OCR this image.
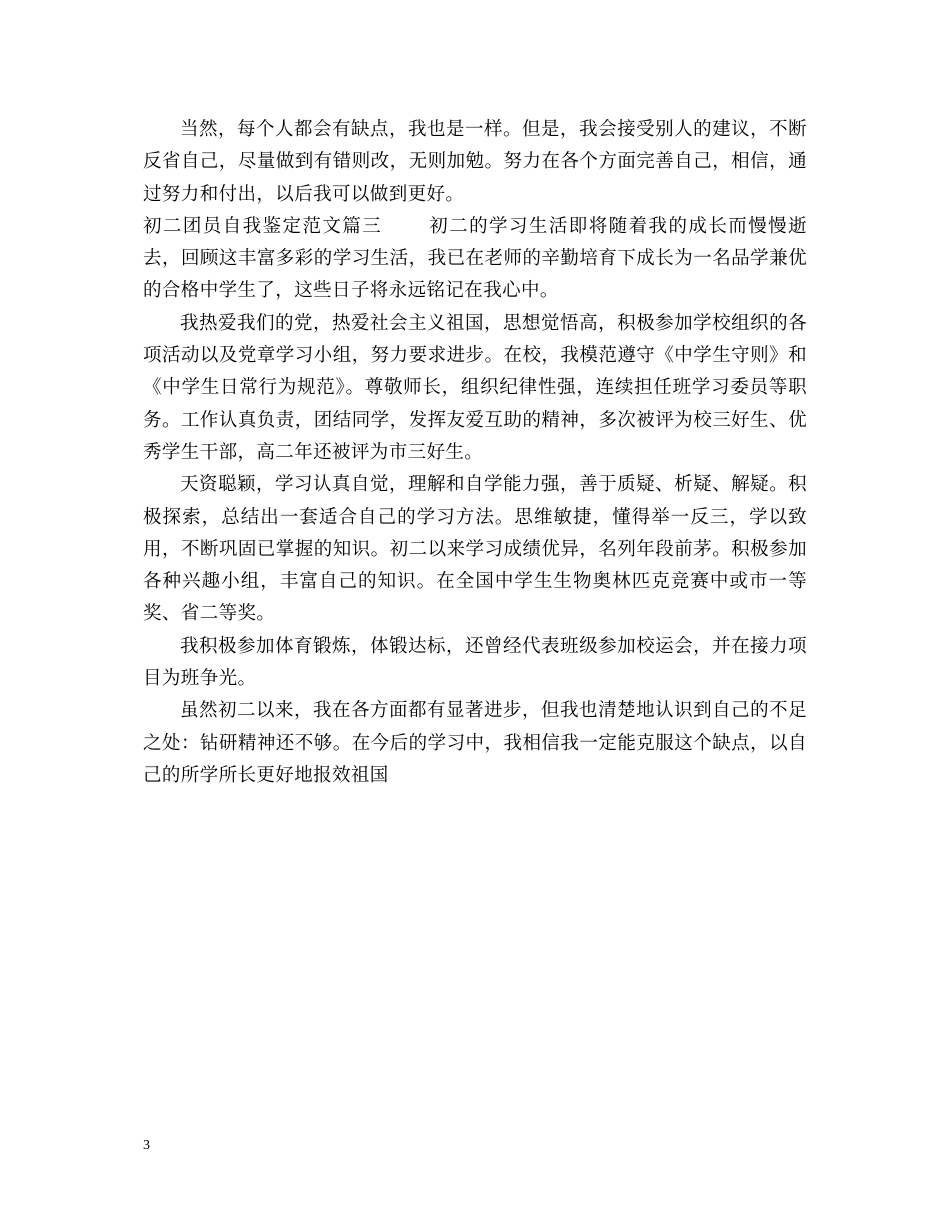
当然，每个人都会有缺点，我也是一样。但是，我会接受别人的建议，不断反省自己，尽量做到有错则改，无则加勉。努力在各个方面完善自己，相信，通过努力和付出，以后我可以做到更好。

初二团员自我鉴定范文篇三 初二的学习生活即将随着我的成长而慢慢逝去，回顾这丰富多彩的学习生活，我已在老师的辛勤培育下成长为一名品学兼优的合格中学生了，这些日子将永远铭记在我心中。

我热爱我们的党，热爱社会主义祖国，思想觉悟高，积极参加学校组织的各项活动以及党章学习小组，努力要求进步。在校，我模范遵守《中学生守则》和《中学生日常行为规范》。尊敬师长，组织纪律性强，连续担任班学习委员等职务。工作认真负责，团结同学，发挥友爱互助的精神，多次被评为校三好生、优秀学生干部，高二年还被评为市三好生。

天资聪颖，学习认真自觉，理解和自学能力强，善于质疑、析疑、解疑。积极探索，总结出一套适合自己的学习方法。思维敏捷，懂得举一反三，学以致用，不断巩固已掌握的知识。初二以来学习成绩优异，名列年段前茅。积极参加各种兴趣小组，丰富自己的知识。在全国中学生生物奥林匹克竞赛中或市一等奖、省二等奖。

我积极参加体育锻炼，体锻达标，还曾经代表班级参加校运会，并在接力项目为班争光。

虽然初二以来，我在各方面都有显著进步，但我也清楚地认识到自己的不足之处：钻研精神还不够。在今后的学习中，我相信我一定能克服这个缺点，以自己的所学所长更好地报效祖国

3
